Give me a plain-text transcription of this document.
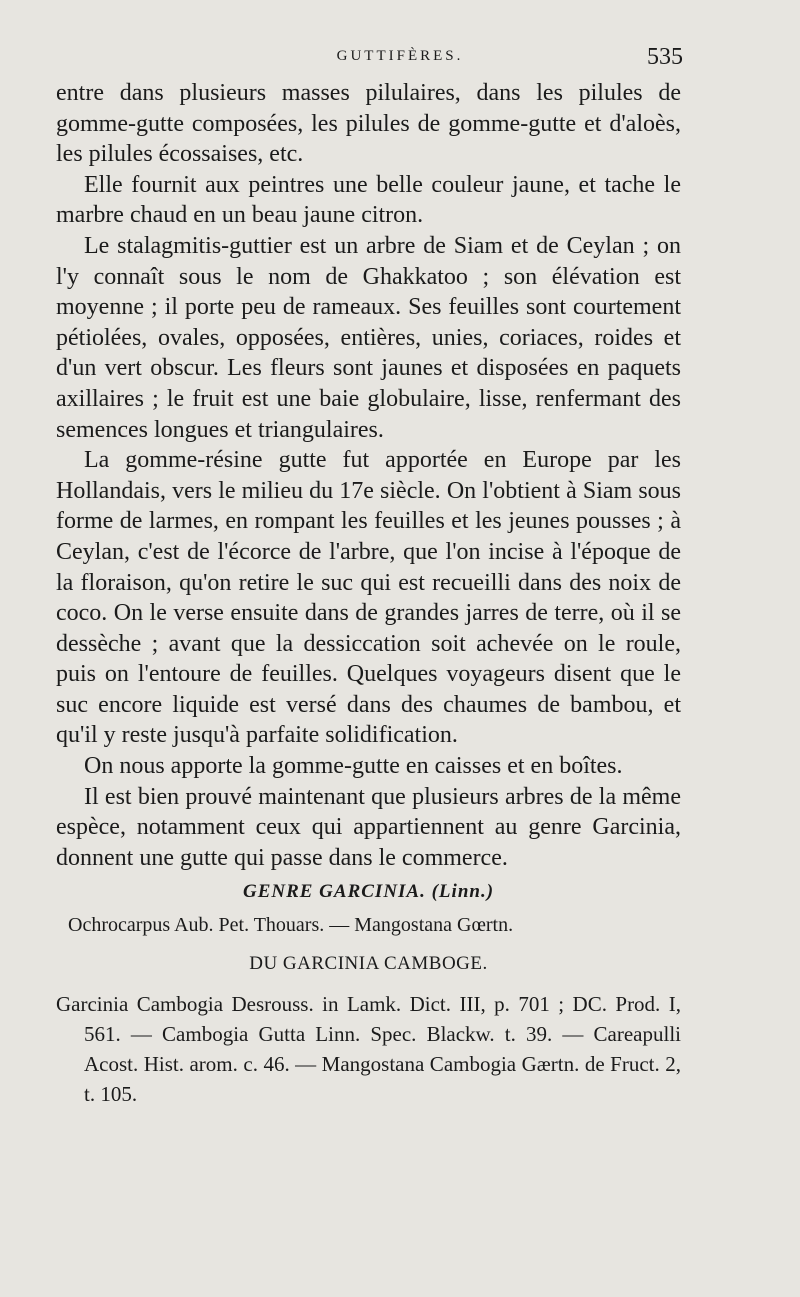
GUTTIFÈRES.	535

entre dans plusieurs masses pilulaires, dans les pilules de gomme-gutte composées, les pilules de gomme-gutte et d'aloès, les pilules écossaises, etc.

Elle fournit aux peintres une belle couleur jaune, et tache le marbre chaud en un beau jaune citron.

Le stalagmitis-guttier est un arbre de Siam et de Ceylan ; on l'y connaît sous le nom de Ghakkatoo ; son élévation est moyenne ; il porte peu de rameaux. Ses feuilles sont courtement pétiolées, ovales, opposées, entières, unies, coriaces, roides et d'un vert obscur. Les fleurs sont jaunes et disposées en paquets axillaires ; le fruit est une baie globulaire, lisse, renfermant des semences longues et triangulaires.

La gomme-résine gutte fut apportée en Europe par les Hollandais, vers le milieu du 17e siècle. On l'obtient à Siam sous forme de larmes, en rompant les feuilles et les jeunes pousses ; à Ceylan, c'est de l'écorce de l'arbre, que l'on incise à l'époque de la floraison, qu'on retire le suc qui est recueilli dans des noix de coco. On le verse ensuite dans de grandes jarres de terre, où il se dessèche ; avant que la dessiccation soit achevée on le roule, puis on l'entoure de feuilles. Quelques voyageurs disent que le suc encore liquide est versé dans des chaumes de bambou, et qu'il y reste jusqu'à parfaite solidification.

On nous apporte la gomme-gutte en caisses et en boîtes.

Il est bien prouvé maintenant que plusieurs arbres de la même espèce, notamment ceux qui appartiennent au genre Garcinia, donnent une gutte qui passe dans le commerce.

GENRE GARCINIA. (Linn.)

Ochrocarpus Aub. Pet. Thouars. — Mangostana Gœrtn.

DU GARCINIA CAMBOGE.

Garcinia Cambogia Desrouss. in Lamk. Dict. III, p. 701 ; DC. Prod. I, 561. — Cambogia Gutta Linn. Spec. Blackw. t. 39. — Careapulli Acost. Hist. arom. c. 46. — Mangostana Cambogia Gærtn. de Fruct. 2, t. 105.
